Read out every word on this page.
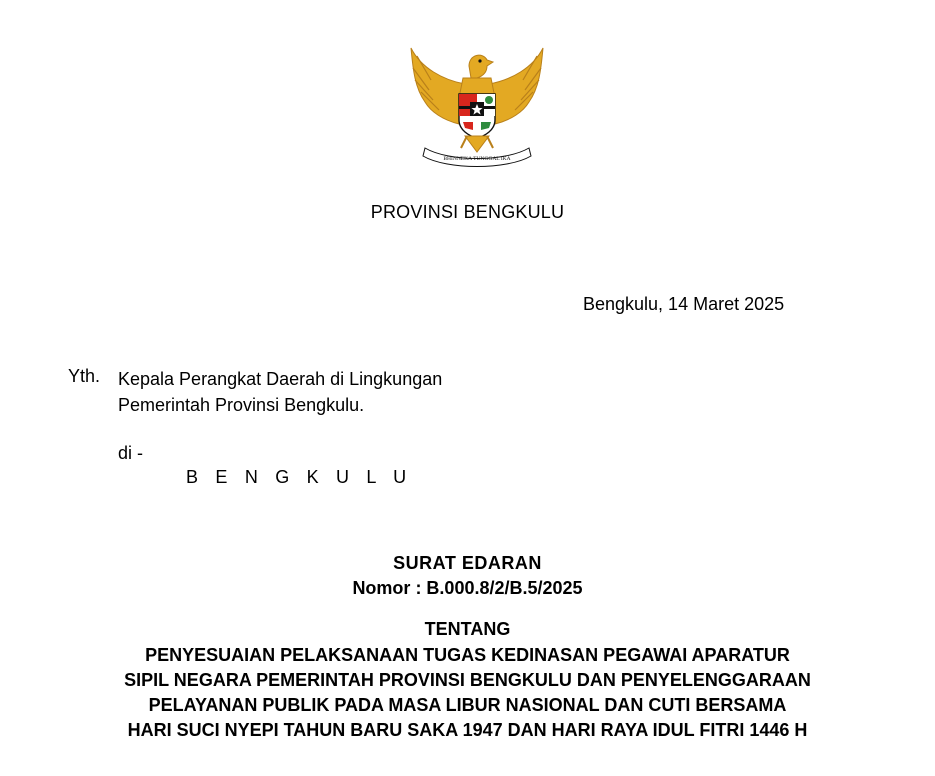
BHINNEKA TUNGGAL IKA
PROVINSI BENGKULU
Bengkulu, 14 Maret 2025
Yth. Kepala Perangkat Daerah di Lingkungan
Pemerintah Provinsi Bengkulu.
di -
B E N G K U L U
SURAT EDARAN
Nomor : B.000.8/2/B.5/2025
TENTANG
PENYESUAIAN PELAKSANAAN TUGAS KEDINASAN PEGAWAI APARATUR
SIPIL NEGARA PEMERINTAH PROVINSI BENGKULU DAN PENYELENGGARAAN
PELAYANAN PUBLIK PADA MASA LIBUR NASIONAL DAN CUTI BERSAMA
HARI SUCI NYEPI TAHUN BARU SAKA 1947 DAN HARI RAYA IDUL FITRI 1446 H
